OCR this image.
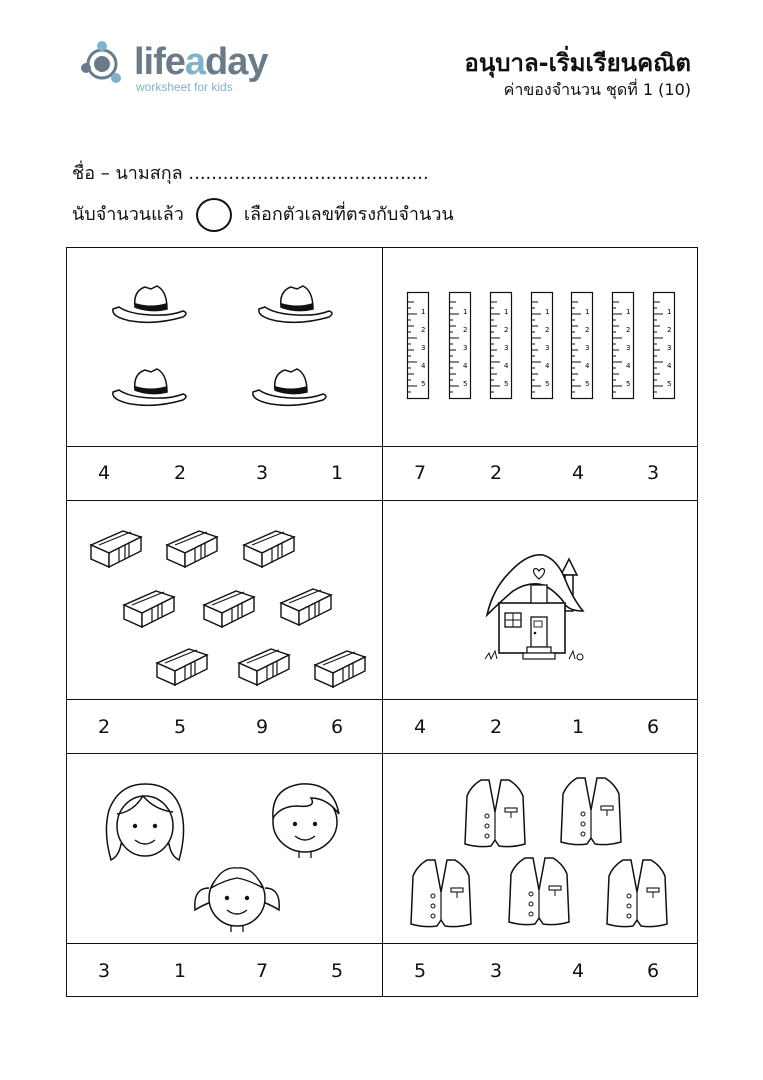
lifeaday
worksheet for kids
อนุบาล-เริ่มเรียนคณิต
ค่าของจำนวน ชุดที่ 1 (10)
ชื่อ – นามสกุล ..........................................
นับจำนวนแล้ว	เลือกตัวเลขที่ตรงกับจำนวน
4	2	3	1
1
2
3
4
5
7	2	4	3
2	5	9	6	4	2	1	6
3	1	7	5	5	3	4	6
